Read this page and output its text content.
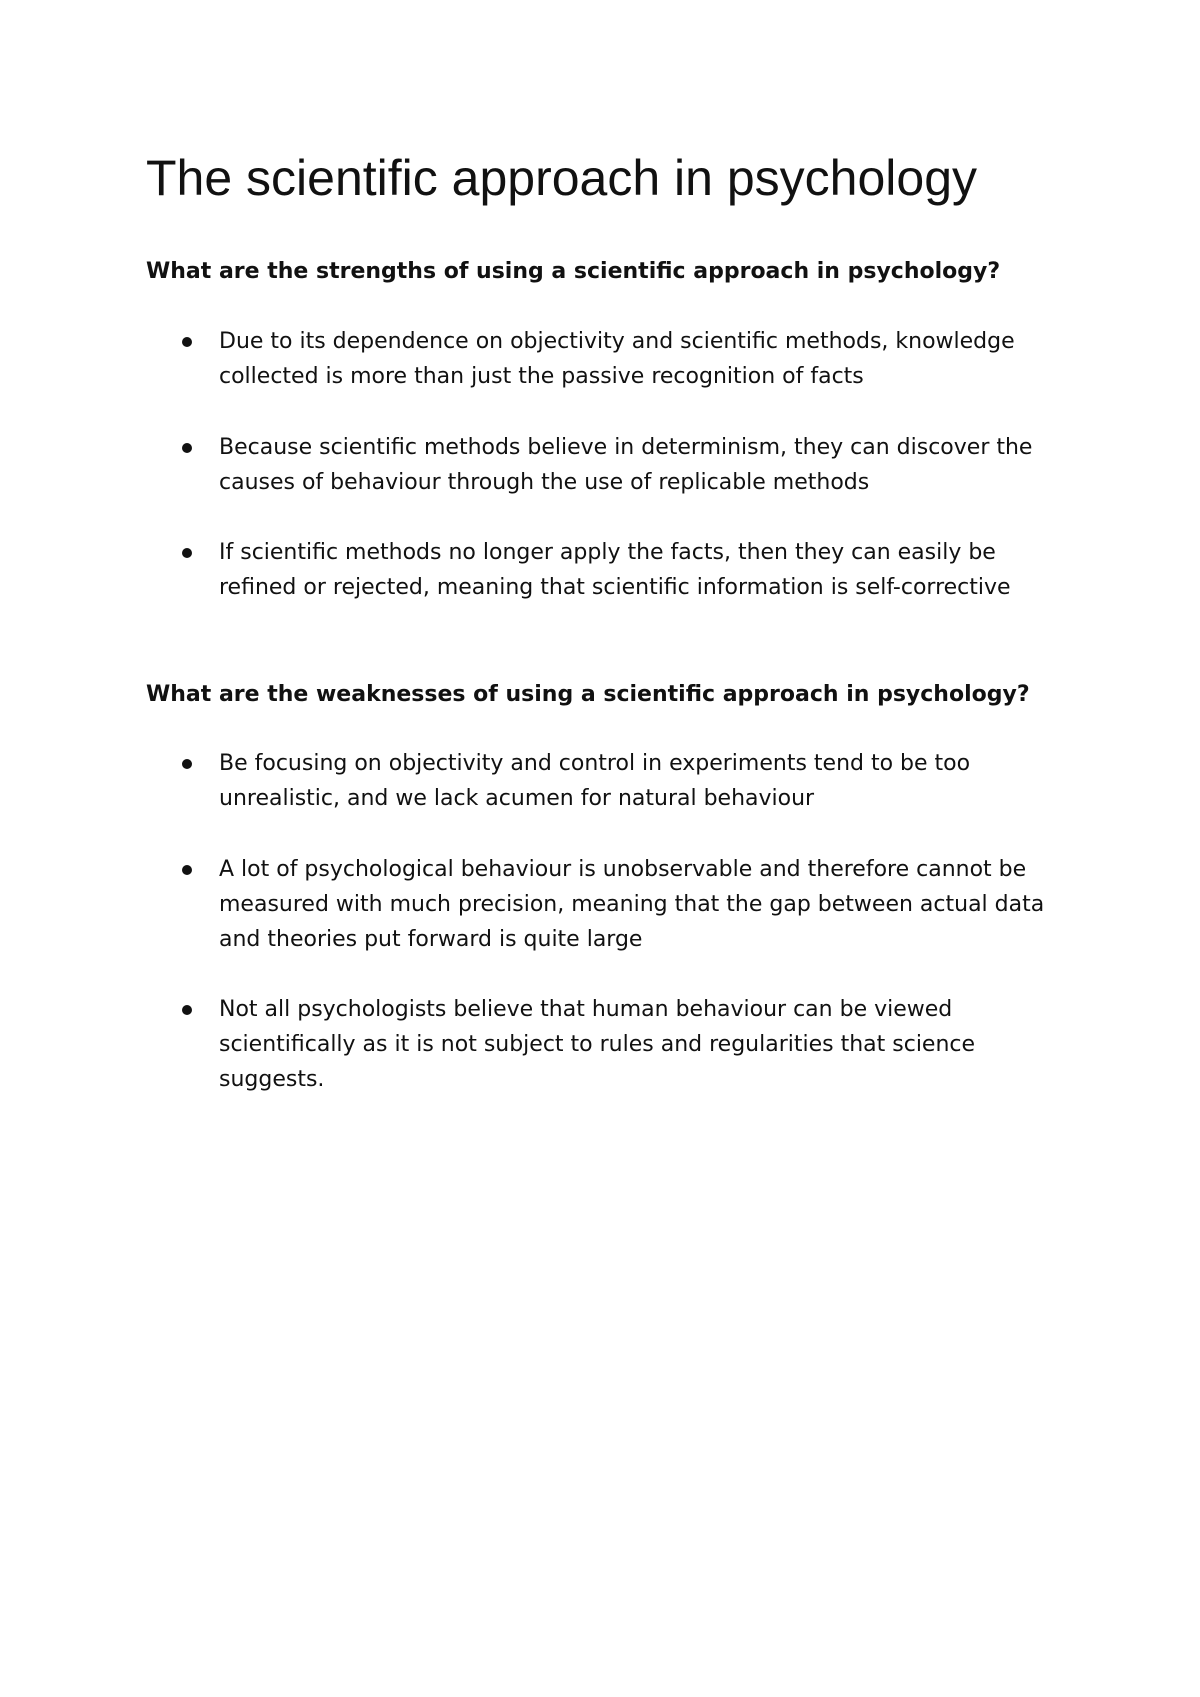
The scientific approach in psychology
What are the strengths of using a scientific approach in psychology?
Due to its dependence on objectivity and scientific methods, knowledge collected is more than just the passive recognition of facts
Because scientific methods believe in determinism, they can discover the causes of behaviour through the use of replicable methods
If scientific methods no longer apply the facts, then they can easily be refined or rejected, meaning that scientific information is self-corrective
What are the weaknesses of using a scientific approach in psychology?
Be focusing on objectivity and control in experiments tend to be too unrealistic, and we lack acumen for natural behaviour
A lot of psychological behaviour is unobservable and therefore cannot be measured with much precision, meaning that the gap between actual data and theories put forward is quite large
Not all psychologists believe that human behaviour can be viewed scientifically as it is not subject to rules and regularities that science suggests.
